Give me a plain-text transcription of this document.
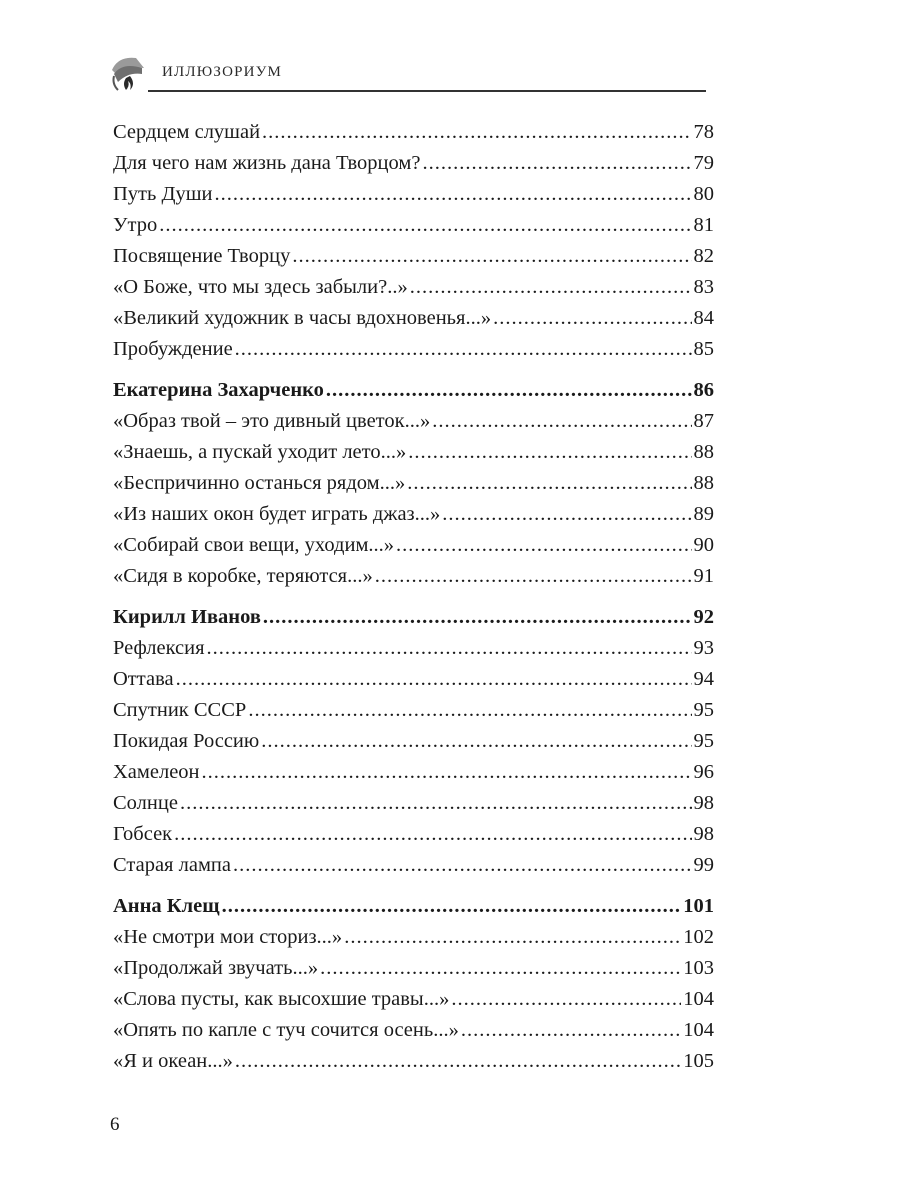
ИЛЛЮЗОРИУМ
Сердцем слушай .....	78
Для чего нам жизнь дана Творцом? .....	79
Путь Души .....	80
Утро .....	81
Посвящение Творцу .....	82
«О Боже, что мы здесь забыли?..» .....	83
«Великий художник в часы вдохновенья...» .....	84
Пробуждение .....	85
Екатерина Захарченко .....	86
«Образ твой – это дивный цветок...» .....	87
«Знаешь, а пускай уходит лето...» .....	88
«Беспричинно останься рядом...» .....	88
«Из наших окон будет играть джаз...» .....	89
«Собирай свои вещи, уходим...» .....	90
«Сидя в коробке, теряются...» .....	91
Кирилл Иванов .....	92
Рефлексия .....	93
Оттава .....	94
Спутник СССР .....	95
Покидая Россию .....	95
Хамелеон .....	96
Солнце .....	98
Гобсек .....	98
Старая лампа .....	99
Анна Клещ .....	101
«Не смотри мои сториз...» .....	102
«Продолжай звучать...» .....	103
«Слова пусты, как высохшие травы...» .....	104
«Опять по капле с туч сочится осень...» .....	104
«Я и океан...» .....	105
6
